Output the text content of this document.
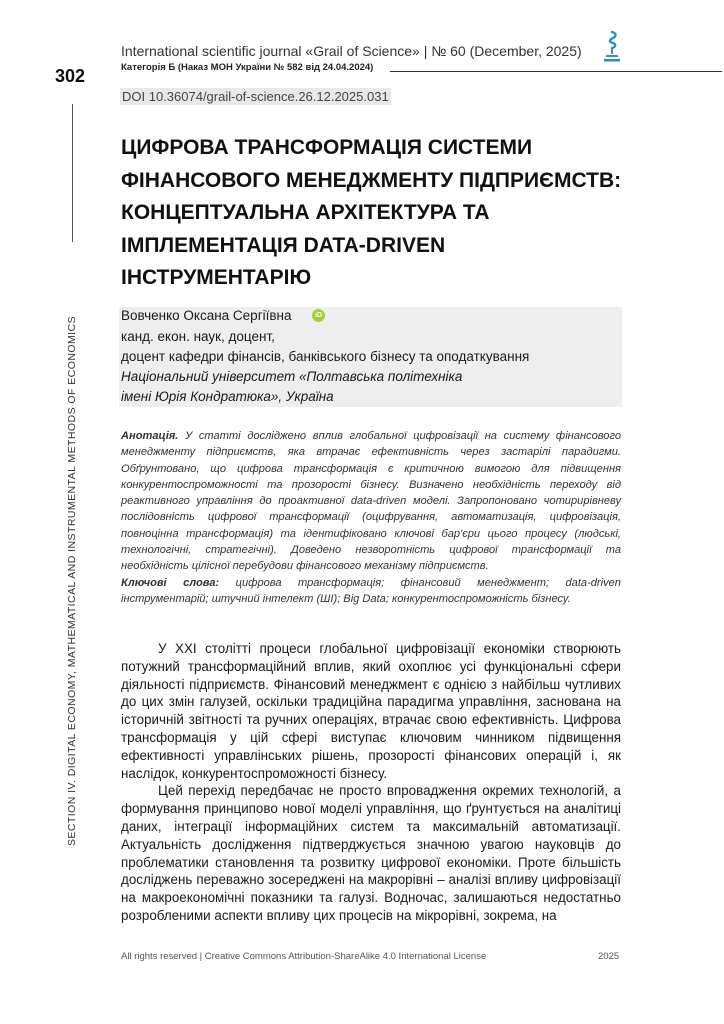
International scientific journal «Grail of Science» | № 60 (December, 2025)
Категорія Б (Наказ МОН України № 582 від 24.04.2024)
302
SECTION IV. DIGITAL ECONOMY, MATHEMATICAL AND INSTRUMENTAL METHODS OF ECONOMICS
DOI 10.36074/grail-of-science.26.12.2025.031
ЦИФРОВА ТРАНСФОРМАЦІЯ СИСТЕМИ ФІНАНСОВОГО МЕНЕДЖМЕНТУ ПІДПРИЄМСТВ: КОНЦЕПТУАЛЬНА АРХІТЕКТУРА ТА ІМПЛЕМЕНТАЦІЯ DATA-DRIVEN ІНСТРУМЕНТАРІЮ
Вовченко Оксана Сергіївна	iD
канд. екон. наук, доцент,
доцент кафедри фінансів, банківського бізнесу та оподаткування
Національний університет «Полтавська політехніка
імені Юрія Кондратюка», Україна
Анотація. У статті досліджено вплив глобальної цифровізації на систему фінансового менеджменту підприємств, яка втрачає ефективність через застарілі парадигми. Обґрунтовано, що цифрова трансформація є критичною вимогою для підвищення конкурентоспроможності та прозорості бізнесу. Визначено необхідність переходу від реактивного управління до проактивної data-driven моделі. Запропоновано чотирирівневу послідовність цифрової трансформації (оцифрування, автоматизація, цифровізація, повноцінна трансформація) та ідентифіковано ключові бар'єри цього процесу (людські, технологічні, стратегічні). Доведено незворотність цифрової трансформації та необхідність цілісної перебудови фінансового механізму підприємств.
Ключові слова: цифрова трансформація; фінансовий менеджмент; data-driven інструментарій; штучний інтелект (ШІ); Big Data; конкурентоспроможність бізнесу.

У XXI столітті процеси глобальної цифровізації економіки створюють потужний трансформаційний вплив, який охоплює усі функціональні сфери діяльності підприємств. Фінансовий менеджмент є однією з найбільш чутливих до цих змін галузей, оскільки традиційна парадигма управління, заснована на історичній звітності та ручних операціях, втрачає свою ефективність. Цифрова трансформація у цій сфері виступає ключовим чинником підвищення ефективності управлінських рішень, прозорості фінансових операцій і, як наслідок, конкурентоспроможності бізнесу.

Цей перехід передбачає не просто впровадження окремих технологій, а формування принципово нової моделі управління, що ґрунтується на аналітиці даних, інтеграції інформаційних систем та максимальній автоматизації. Актуальність дослідження підтверджується значною увагою науковців до проблематики становлення та розвитку цифрової економіки. Проте більшість досліджень переважно зосереджені на макрорівні – аналізі впливу цифровізації на макроекономічні показники та галузі. Водночас, залишаються недостатньо розробленими аспекти впливу цих процесів на мікрорівні, зокрема, на

All rights reserved | Creative Commons Attribution-ShareAlike 4.0 International License	2025
